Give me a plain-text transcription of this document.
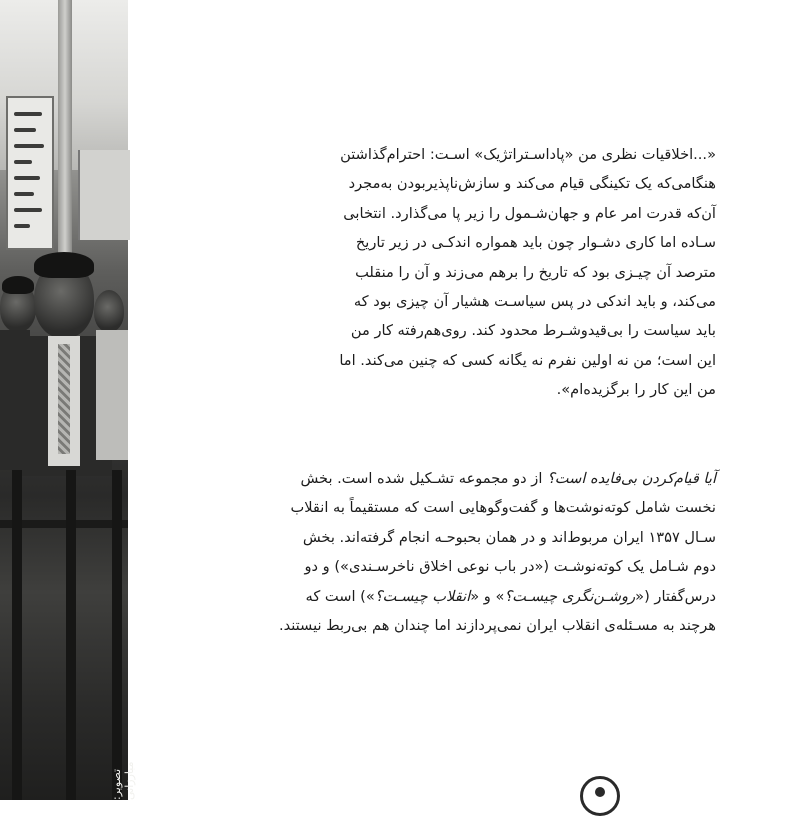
تصویر: مبارزانی

«...اخلاقیات نظری من «پاداسـتراتژیک» اسـت: احترام‌گذاشتن
هنگامی‌که یک تکینگی قیام می‌کند و سازش‌ناپذیربودن به‌مجرد
آن‌که قدرت امر عام و جهان‌شـمول را زیر پا می‌گذارد. انتخابی
سـاده اما کاری دشـوار چون باید همواره اندکـی در زیر تاریخ
مترصد آن چیـزی بود که تاریخ را برهم می‌زند و آن را منقلب
می‌کند، و باید اندکی در پس سیاسـت هشیار آن چیزی بود که
باید سیاست را بی‌قیدوشـرط محدود کند. روی‌هم‌رفته کار من
این است؛ من نه اولین نفرم نه یگانه کسی که چنین می‌کند. اما
من این کار را برگزیده‌ام».

آیا قیام‌کردن بی‌فایده است؟ از دو مجموعه تشـکیل شده است. بخش
نخست شامل کوته‌نوشت‌ها و گفت‌وگوهایی است که مستقیماً به انقلاب
سـال ۱۳۵۷ ایران مربوط‌اند و در همان بحبوحـه انجام گرفته‌اند. بخش
دوم شـامل یک کوته‌نوشـت («در باب نوعی اخلاق ناخرسـندی») و دو
درس‌گفتار («روشـن‌نگری چیسـت؟» و «انقلاب چیسـت؟») است که
هرچند به مسـئله‌ی انقلاب ایران نمی‌پردازند اما چندان هم بی‌ربط نیستند.
